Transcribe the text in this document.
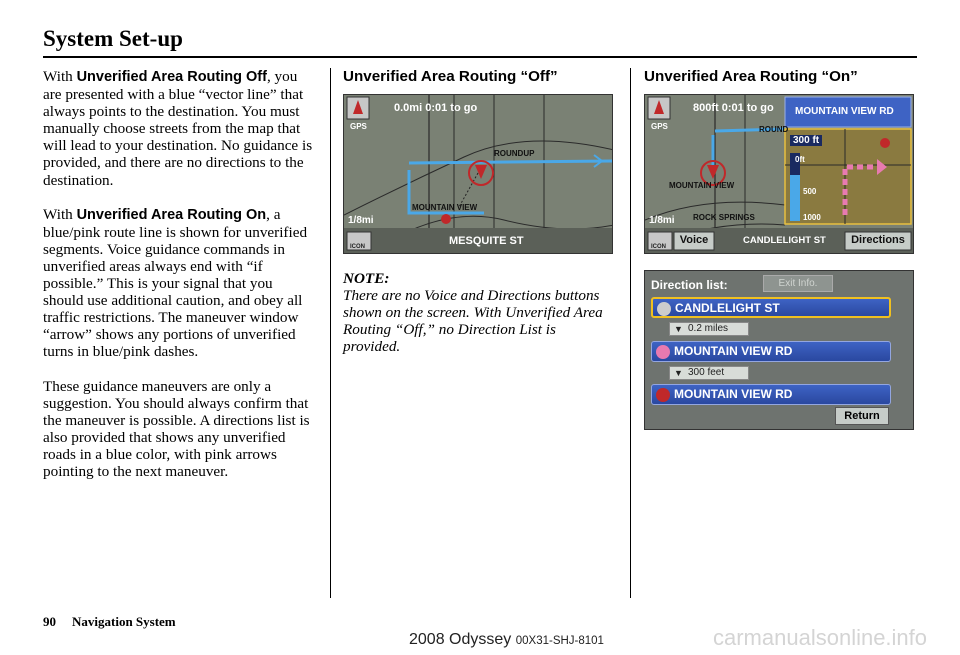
System Set-up

With Unverified Area Routing Off, you are presented with a blue “vector line” that always points to the destination. You must manually choose streets from the map that will lead to your destination. No guidance is provided, and there are no directions to the destination.

With Unverified Area Routing On, a blue/pink route line is shown for unverified segments. Voice guidance commands in unverified areas always end with “if possible.” This is your signal that you should use additional caution, and obey all traffic restrictions. The maneuver window “arrow” shows any portions of unverified turns in blue/pink dashes.

These guidance maneuvers are only a suggestion. You should always confirm that the maneuver is possible. A directions list is also provided that shows any unverified roads in a blue color, with pink arrows pointing to the next maneuver.

Unverified Area Routing “Off”
0.0mi 0:01 to go
GPS
ROUNDUP
MOUNTAIN VIEW
1/8mi
ICON	MESQUITE ST
NOTE:
There are no Voice and Directions buttons shown on the screen. With Unverified Area Routing “Off,” no Direction List is provided.
Unverified Area Routing “On”
800ft 0:01 to go
GPS	ROUND
MOUNTAIN VIEW
ROCK SPRINGS
MOUNTAIN VIEW RD
300 ft
0ft
500
1000
1/8mi
ICON
Voice	CANDLELIGHT ST	Directions
Direction list:	Exit Info.
CANDLELIGHT ST
▼ 0.2 miles
MOUNTAIN VIEW RD
▼ 300 feet
MOUNTAIN VIEW RD
Return
90 Navigation System
2008 Odyssey 00X31-SHJ-8101	carmanualsonline.info
